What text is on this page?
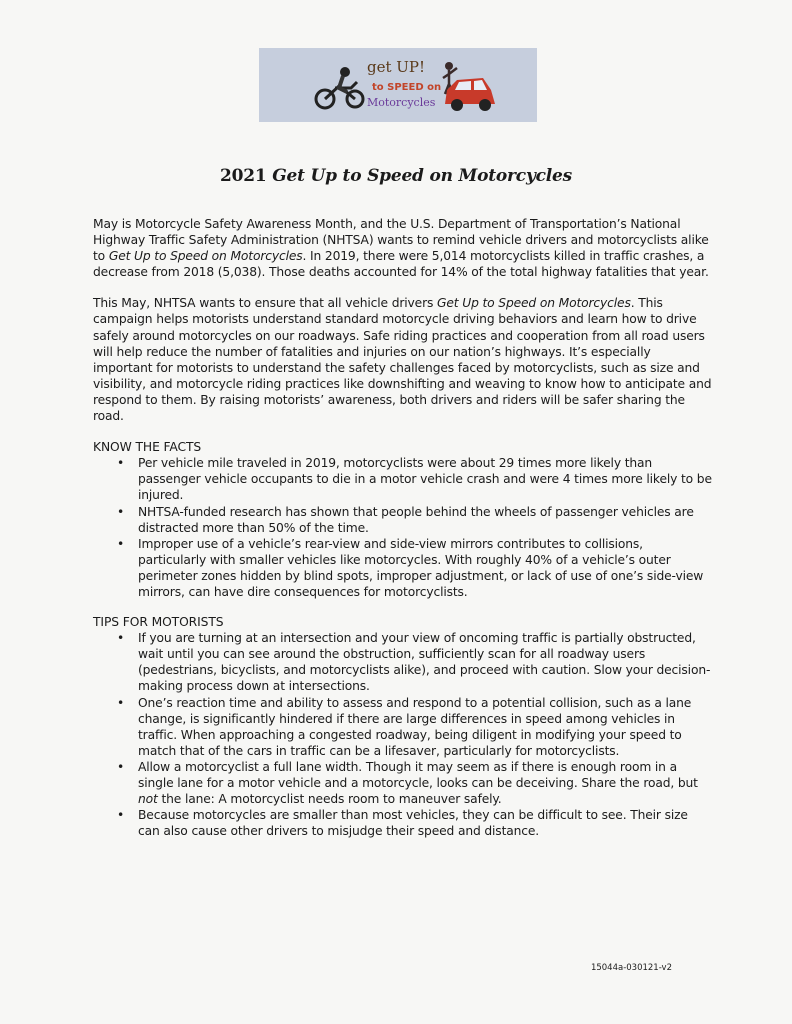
get UP!
to SPEED on
Motorcycles
2021 Get Up to Speed on Motorcycles

May is Motorcycle Safety Awareness Month, and the U.S. Department of Transportation’s National Highway Traffic Safety Administration (NHTSA) wants to remind vehicle drivers and motorcyclists alike to Get Up to Speed on Motorcycles. In 2019, there were 5,014 motorcyclists killed in traffic crashes, a decrease from 2018 (5,038). Those deaths accounted for 14% of the total highway fatalities that year.

This May, NHTSA wants to ensure that all vehicle drivers Get Up to Speed on Motorcycles. This campaign helps motorists understand standard motorcycle driving behaviors and learn how to drive safely around motorcycles on our roadways. Safe riding practices and cooperation from all road users will help reduce the number of fatalities and injuries on our nation’s highways. It’s especially important for motorists to understand the safety challenges faced by motorcyclists, such as size and visibility, and motorcycle riding practices like downshifting and weaving to know how to anticipate and respond to them. By raising motorists’ awareness, both drivers and riders will be safer sharing the road.

KNOW THE FACTS
• Per vehicle mile traveled in 2019, motorcyclists were about 29 times more likely than passenger vehicle occupants to die in a motor vehicle crash and were 4 times more likely to be injured.
• NHTSA-funded research has shown that people behind the wheels of passenger vehicles are distracted more than 50% of the time.
• Improper use of a vehicle’s rear-view and side-view mirrors contributes to collisions, particularly with smaller vehicles like motorcycles. With roughly 40% of a vehicle’s outer perimeter zones hidden by blind spots, improper adjustment, or lack of use of one’s side-view mirrors, can have dire consequences for motorcyclists.
TIPS FOR MOTORISTS
• If you are turning at an intersection and your view of oncoming traffic is partially obstructed, wait until you can see around the obstruction, sufficiently scan for all roadway users (pedestrians, bicyclists, and motorcyclists alike), and proceed with caution. Slow your decision-making process down at intersections.
• One’s reaction time and ability to assess and respond to a potential collision, such as a lane change, is significantly hindered if there are large differences in speed among vehicles in traffic. When approaching a congested roadway, being diligent in modifying your speed to match that of the cars in traffic can be a lifesaver, particularly for motorcyclists.
• Allow a motorcyclist a full lane width. Though it may seem as if there is enough room in a single lane for a motor vehicle and a motorcycle, looks can be deceiving. Share the road, but not the lane: A motorcyclist needs room to maneuver safely.
• Because motorcycles are smaller than most vehicles, they can be difficult to see. Their size can also cause other drivers to misjudge their speed and distance.
15044a-030121-v2
